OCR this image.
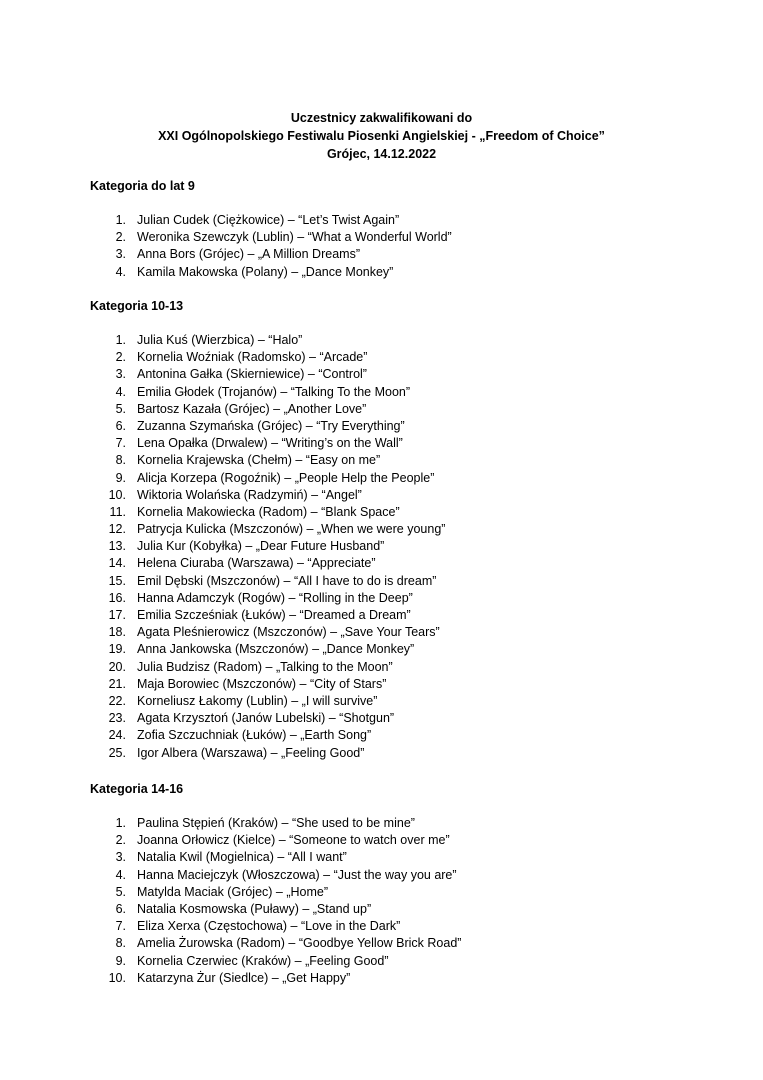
Uczestnicy zakwalifikowani do
XXI Ogólnopolskiego Festiwalu Piosenki Angielskiej - „Freedom of Choice”
Grójec, 14.12.2022
Kategoria do lat 9
1. Julian Cudek (Ciężkowice) – “Let’s Twist Again”
2. Weronika Szewczyk (Lublin) – “What a Wonderful World”
3. Anna Bors (Grójec) – „A Million Dreams”
4. Kamila Makowska (Polany) – „Dance Monkey”
Kategoria 10-13
1. Julia Kuś (Wierzbica) – “Halo”
2. Kornelia Woźniak (Radomsko) – “Arcade”
3. Antonina Gałka (Skierniewice) – “Control”
4. Emilia Głodek (Trojanów) – “Talking To the Moon”
5. Bartosz Kazała (Grójec) – „Another Love”
6. Zuzanna Szymańska (Grójec) – “Try Everything”
7. Lena Opałka (Drwalew) – “Writing’s on the Wall”
8. Kornelia Krajewska (Chełm) – “Easy on me”
9. Alicja Korzepa (Rogoźnik) – „People Help the People”
10. Wiktoria Wolańska (Radzymiń) – “Angel”
11. Kornelia Makowiecka (Radom) – “Blank Space”
12. Patrycja Kulicka (Mszczonów) – „When we were young”
13. Julia Kur (Kobyłka) – „Dear Future Husband”
14. Helena Ciuraba (Warszawa) – “Appreciate”
15. Emil Dębski (Mszczonów) – “All I have to do is dream”
16. Hanna Adamczyk (Rogów) – “Rolling in the Deep”
17. Emilia Szcześniak (Łuków) – “Dreamed a Dream”
18. Agata Pleśnierowicz (Mszczonów) – „Save Your Tears”
19. Anna Jankowska (Mszczonów) – „Dance Monkey”
20. Julia Budzisz (Radom) – „Talking to the Moon”
21. Maja Borowiec (Mszczonów) – “City of Stars”
22. Korneliusz Łakomy (Lublin) – „I will survive”
23. Agata Krzysztoń (Janów Lubelski) – “Shotgun”
24. Zofia Szczuchniak (Łuków) – „Earth Song”
25. Igor Albera (Warszawa) – „Feeling Good”
Kategoria 14-16
1. Paulina Stępień (Kraków) – “She used to be mine”
2. Joanna Orłowicz (Kielce) – “Someone to watch over me”
3. Natalia Kwil (Mogielnica) – “All I want”
4. Hanna Maciejczyk (Włoszczowa) – “Just the way you are”
5. Matylda Maciak (Grójec) – „Home”
6. Natalia Kosmowska (Puławy) – „Stand up”
7. Eliza Xerxa (Częstochowa) – “Love in the Dark”
8. Amelia Żurowska (Radom) – “Goodbye Yellow Brick Road”
9. Kornelia Czerwiec (Kraków) – „Feeling Good”
10. Katarzyna Żur (Siedlce) – „Get Happy”
